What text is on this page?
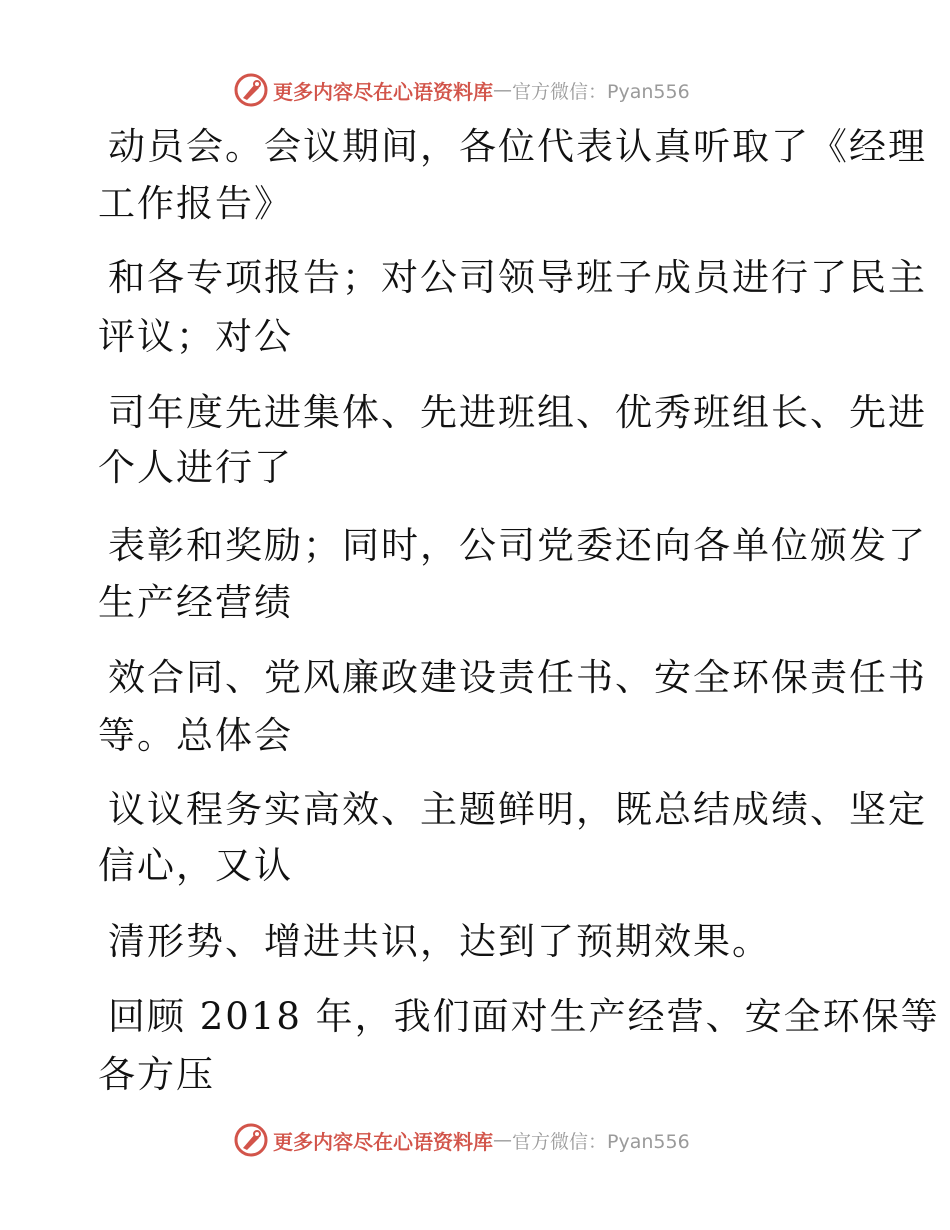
更多内容尽在心语资料库 — 官方微信：Pyan556
动员会。会议期间，各位代表认真听取了《经理
工作报告》
和各专项报告；对公司领导班子成员进行了民主
评议；对公
司年度先进集体、先进班组、优秀班组长、先进
个人进行了
表彰和奖励；同时，公司党委还向各单位颁发了
生产经营绩
效合同、党风廉政建设责任书、安全环保责任书
等。总体会
议议程务实高效、主题鲜明，既总结成绩、坚定
信心，又认
清形势、增进共识，达到了预期效果。
回顾 2018 年，我们面对生产经营、安全环保等
各方压
更多内容尽在心语资料库 — 官方微信：Pyan556
